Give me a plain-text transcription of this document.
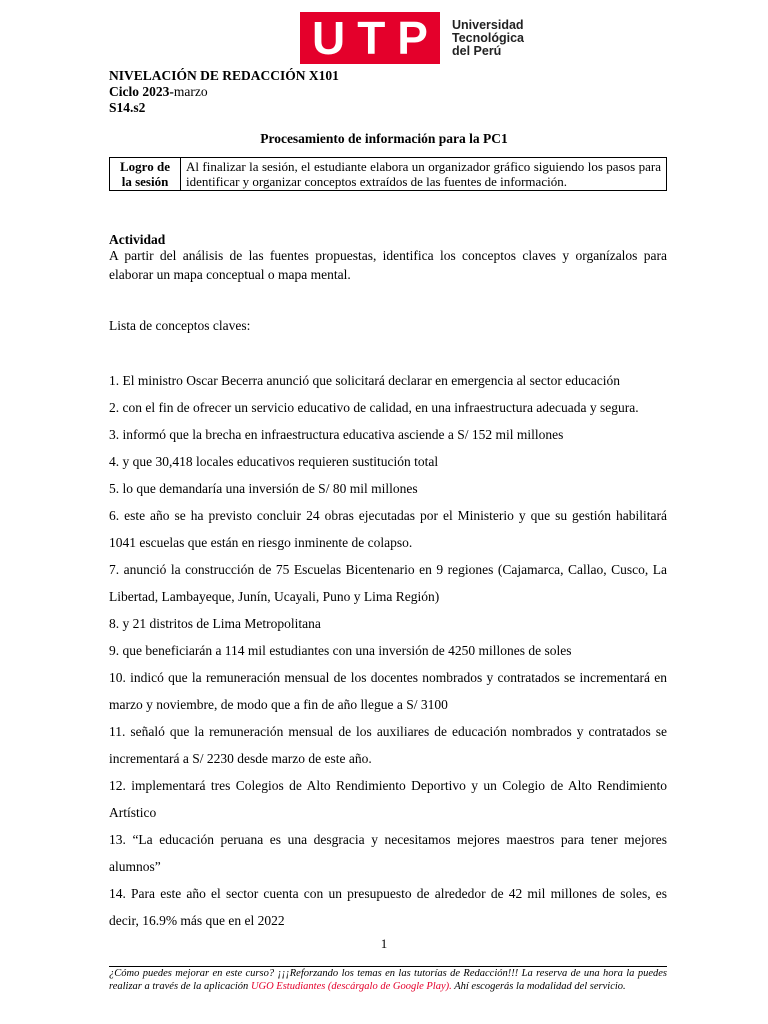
U T P Universidad
Tecnológica
del Perú
NIVELACIÓN DE REDACCIÓN X101
Ciclo 2023-marzo
S14.s2
Procesamiento de información para la PC1
Logro de la sesión	Al finalizar la sesión, el estudiante elabora un organizador gráfico siguiendo los pasos para identificar y organizar conceptos extraídos de las fuentes de información.
Actividad

A partir del análisis de las fuentes propuestas, identifica los conceptos claves y organízalos para elaborar un mapa conceptual o mapa mental.

Lista de conceptos claves:
1. El ministro Oscar Becerra anunció que solicitará declarar en emergencia al sector educación
2. con el fin de ofrecer un servicio educativo de calidad, en una infraestructura adecuada y segura.
3. informó que la brecha en infraestructura educativa asciende a S/ 152 mil millones
4. y que 30,418 locales educativos requieren sustitución total
5. lo que demandaría una inversión de S/ 80 mil millones
6. este año se ha previsto concluir 24 obras ejecutadas por el Ministerio y que su gestión habilitará 1041 escuelas que están en riesgo inminente de colapso.
7. anunció la construcción de 75 Escuelas Bicentenario en 9 regiones (Cajamarca, Callao, Cusco, La Libertad, Lambayeque, Junín, Ucayali, Puno y Lima Región)
8. y 21 distritos de Lima Metropolitana
9. que beneficiarán a 114 mil estudiantes con una inversión de 4250 millones de soles
10. indicó que la remuneración mensual de los docentes nombrados y contratados se incrementará en marzo y noviembre, de modo que a fin de año llegue a S/ 3100
11. señaló que la remuneración mensual de los auxiliares de educación nombrados y contratados se incrementará a S/ 2230 desde marzo de este año.
12. implementará tres Colegios de Alto Rendimiento Deportivo y un Colegio de Alto Rendimiento Artístico
13. “La educación peruana es una desgracia y necesitamos mejores maestros para tener mejores alumnos”
14. Para este año el sector cuenta con un presupuesto de alrededor de 42 mil millones de soles, es decir, 16.9% más que en el 2022
1

¿Cómo puedes mejorar en este curso? ¡¡¡Reforzando los temas en las tutorías de Redacción!!! La reserva de una hora la puedes realizar a través de la aplicación UGO Estudiantes (descárgalo de Google Play). Ahí escogerás la modalidad del servicio.
